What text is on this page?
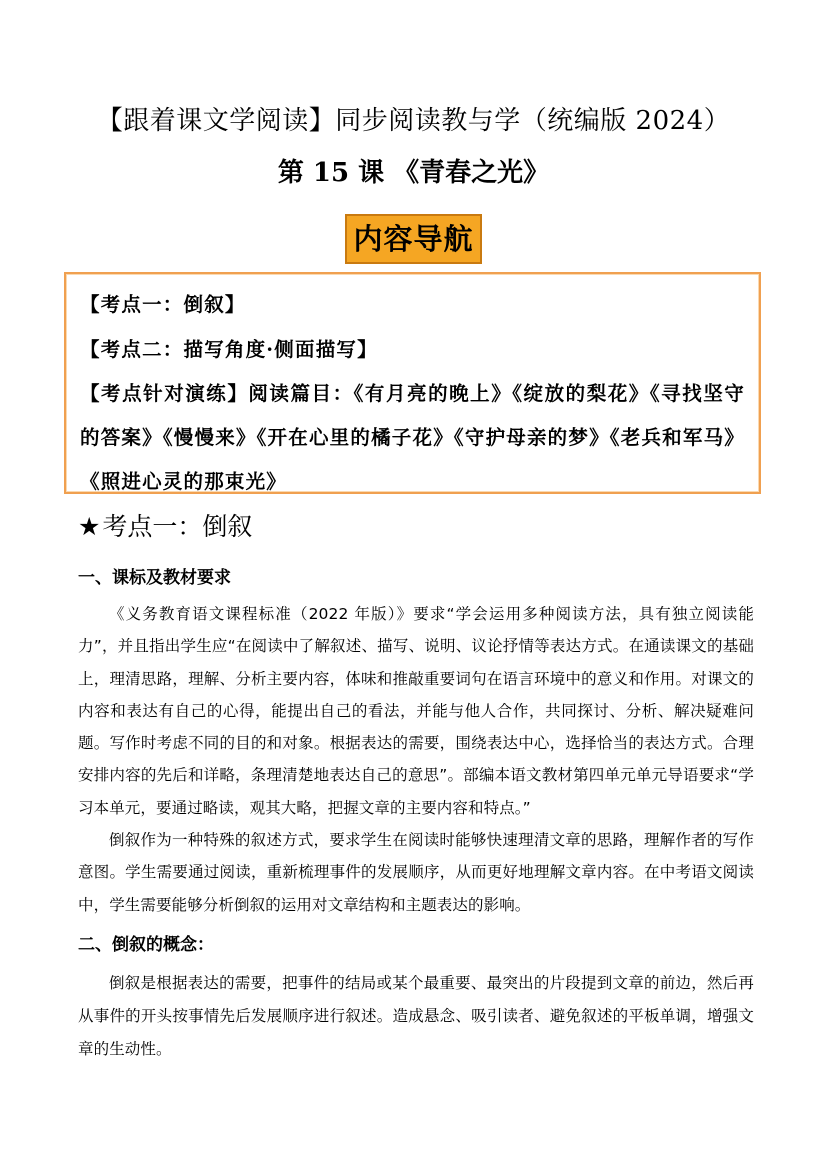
【跟着课文学阅读】同步阅读教与学（统编版 2024）
第 15 课 《青春之光》
内容导航

【考点一：倒叙】

【考点二：描写角度·侧面描写】

【考点针对演练】阅读篇目：《有月亮的晚上》《绽放的梨花》《寻找坚守的答案》《慢慢来》《开在心里的橘子花》《守护母亲的梦》《老兵和军马》《照进心灵的那束光》

★考点一：倒叙
一、课标及教材要求

《义务教育语文课程标准（2022 年版）》要求“学会运用多种阅读方法，具有独立阅读能力”，并且指出学生应“在阅读中了解叙述、描写、说明、议论抒情等表达方式。在通读课文的基础上，理清思路，理解、分析主要内容，体味和推敲重要词句在语言环境中的意义和作用。对课文的内容和表达有自己的心得，能提出自己的看法，并能与他人合作，共同探讨、分析、解决疑难问题。写作时考虑不同的目的和对象。根据表达的需要，围绕表达中心，选择恰当的表达方式。合理安排内容的先后和详略，条理清楚地表达自己的意思”。部编本语文教材第四单元单元导语要求“学习本单元，要通过略读，观其大略，把握文章的主要内容和特点。”

倒叙作为一种特殊的叙述方式，要求学生在阅读时能够快速理清文章的思路，理解作者的写作意图。学生需要通过阅读，重新梳理事件的发展顺序，从而更好地理解文章内容。在中考语文阅读中，学生需要能够分析倒叙的运用对文章结构和主题表达的影响。

二、倒叙的概念：

倒叙是根据表达的需要，把事件的结局或某个最重要、最突出的片段提到文章的前边，然后再从事件的开头按事情先后发展顺序进行叙述。造成悬念、吸引读者、避免叙述的平板单调，增强文章的生动性。
